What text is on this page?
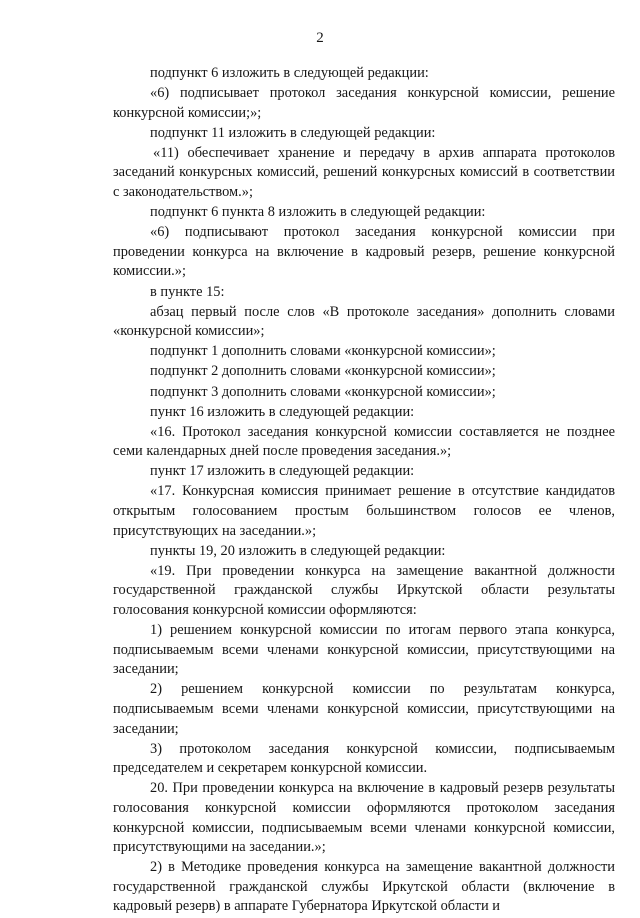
2

подпункт 6 изложить в следующей редакции:

«6) подписывает протокол заседания конкурсной комиссии, решение конкурсной комиссии;»;

подпункт 11 изложить в следующей редакции:

«11) обеспечивает хранение и передачу в архив аппарата протоколов заседаний конкурсных комиссий, решений конкурсных комиссий в соответствии с законодательством.»;

подпункт 6 пункта 8 изложить в следующей редакции:

«6) подписывают протокол заседания конкурсной комиссии при проведении конкурса на включение в кадровый резерв, решение конкурсной комиссии.»;

в пункте 15:

абзац первый после слов «В протоколе заседания» дополнить словами «конкурсной комиссии»;

подпункт 1 дополнить словами «конкурсной комиссии»;

подпункт 2 дополнить словами «конкурсной комиссии»;

подпункт 3 дополнить словами «конкурсной комиссии»;

пункт 16 изложить в следующей редакции:

«16. Протокол заседания конкурсной комиссии составляется не позднее семи календарных дней после проведения заседания.»;

пункт 17 изложить в следующей редакции:

«17. Конкурсная комиссия принимает решение в отсутствие кандидатов открытым голосованием простым большинством голосов ее членов, присутствующих на заседании.»;

пункты 19, 20 изложить в следующей редакции:

«19. При проведении конкурса на замещение вакантной должности государственной гражданской службы Иркутской области результаты голосования конкурсной комиссии оформляются:

1) решением конкурсной комиссии по итогам первого этапа конкурса, подписываемым всеми членами конкурсной комиссии, присутствующими на заседании;

2) решением конкурсной комиссии по результатам конкурса, подписываемым всеми членами конкурсной комиссии, присутствующими на заседании;

3) протоколом заседания конкурсной комиссии, подписываемым председателем и секретарем конкурсной комиссии.

20. При проведении конкурса на включение в кадровый резерв результаты голосования конкурсной комиссии оформляются протоколом заседания конкурсной комиссии, подписываемым всеми членами конкурсной комиссии, присутствующими на заседании.»;

2) в Методике проведения конкурса на замещение вакантной должности государственной гражданской службы Иркутской области (включение в кадровый резерв) в аппарате Губернатора Иркутской области и
